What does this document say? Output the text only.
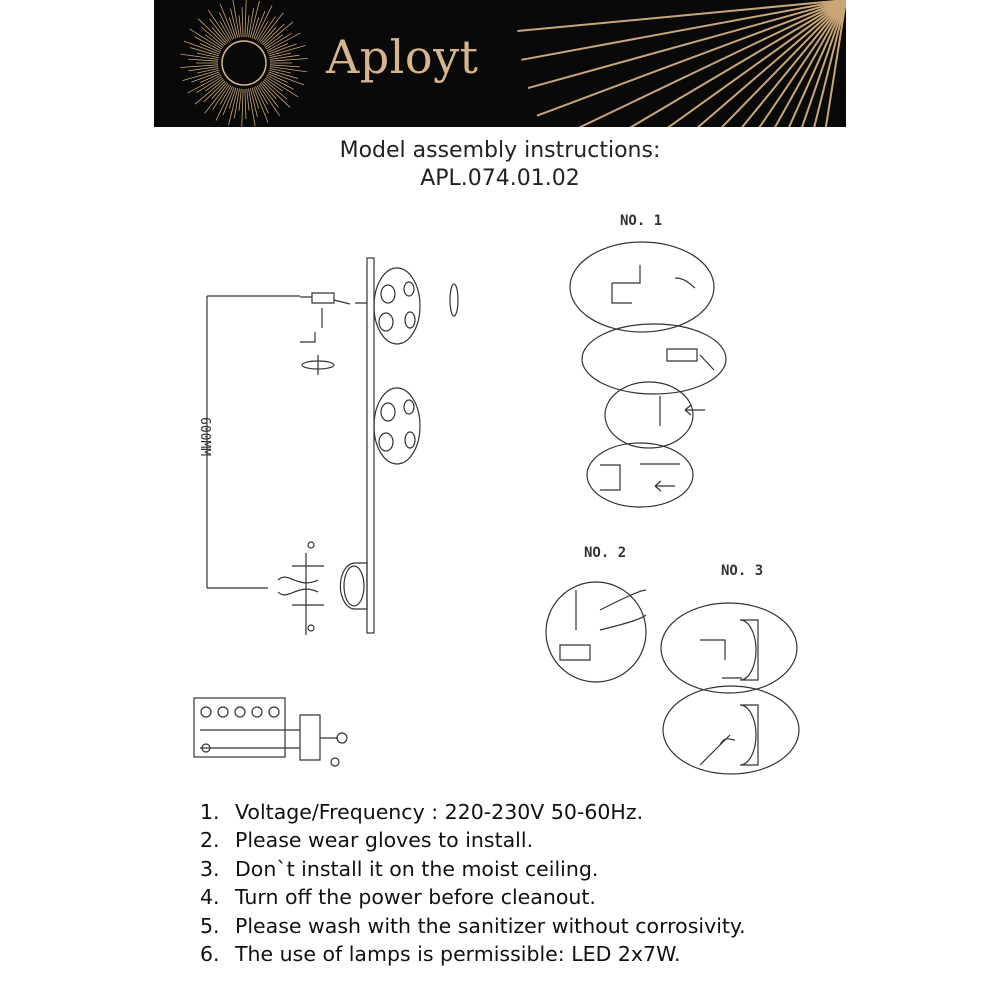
Aployt
Model assembly instructions:
APL.074.01.02
NO. 1
NO. 2
NO. 3
600MM
1. Voltage/Frequency : 220-230V 50-60Hz.
2. Please wear gloves to install.
3. Don`t install it on the moist ceiling.
4. Turn off the power before cleanout.
5. Please wash with the sanitizer without corrosivity.
6. The use of lamps is permissible: LED 2x7W.
